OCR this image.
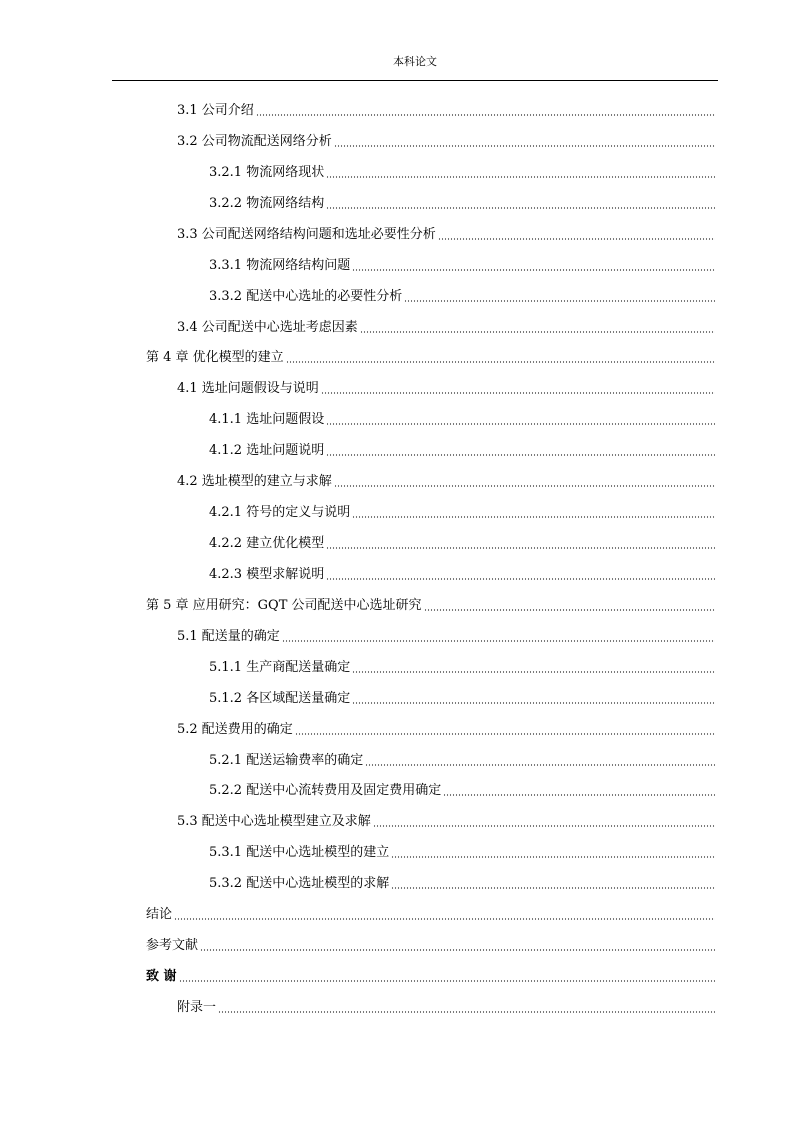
本科论文
3.1 公司介绍
3.2 公司物流配送网络分析
3.2.1 物流网络现状
3.2.2 物流网络结构
3.3 公司配送网络结构问题和选址必要性分析
3.3.1 物流网络结构问题
3.3.2 配送中心选址的必要性分析
3.4 公司配送中心选址考虑因素
第 4 章 优化模型的建立
4.1 选址问题假设与说明
4.1.1 选址问题假设
4.1.2 选址问题说明
4.2 选址模型的建立与求解
4.2.1 符号的定义与说明
4.2.2 建立优化模型
4.2.3 模型求解说明
第 5 章 应用研究：GQT 公司配送中心选址研究
5.1 配送量的确定
5.1.1 生产商配送量确定
5.1.2 各区域配送量确定
5.2 配送费用的确定
5.2.1 配送运输费率的确定
5.2.2 配送中心流转费用及固定费用确定
5.3 配送中心选址模型建立及求解
5.3.1 配送中心选址模型的建立
5.3.2 配送中心选址模型的求解
结论
参考文献
致 谢
附录一
